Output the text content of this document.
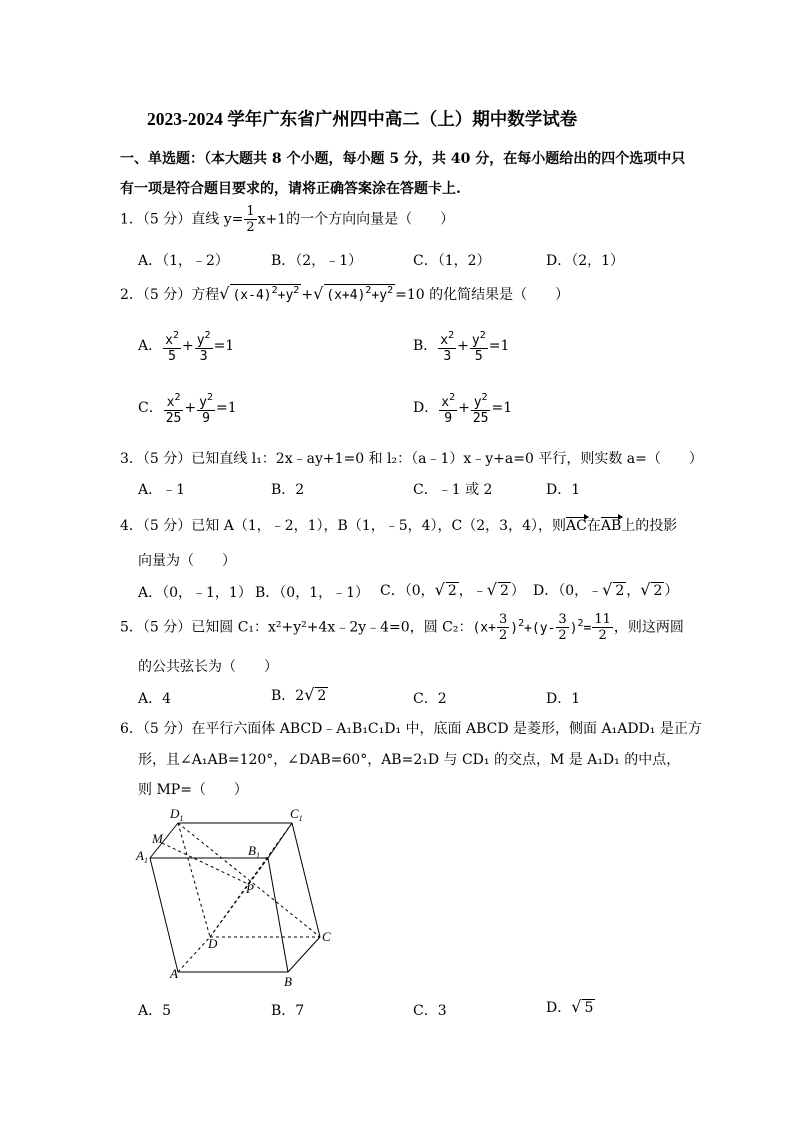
2023-2024 学年广东省广州四中高二（上）期中数学试卷
一、单选题：（本大题共 8 个小题，每小题 5 分，共 40 分，在每小题给出的四个选项中只
有一项是符合题目要求的，请将正确答案涂在答题卡上.
1．（5 分）直线 $y= \frac{1}{2} x+1$的一个方向向量是（　　）
A．（1，﹣2）	B．（2，﹣1）	C．（1，2）	D．（2，1）
2．（5 分）方程√ $(x-4)^2+y^2$ +√ $(x+4)^2+y^2 =10$ 的化简结果是（　　）
A． $\frac{x^2}{5} + \frac{y^2}{3} =1$	B． $\frac{x^2}{3} + \frac{y^2}{5} =1$
C． $\frac{x^2}{25} + \frac{y^2}{9} =1$	D． $\frac{x^2}{9} + \frac{y^2}{25} =1$
3．（5 分）已知直线 l₁：2x﹣ay+1=0 和 l₂：（a﹣1）x﹣y+a=0 平行，则实数 a=（　　）
A．﹣1	B．2	C．﹣1 或 2	D．1
4．（5 分）已知 A（1，﹣2，1），B（1，﹣5，4），C（2，3，4），则AC在AB上的投影
向量为（　　）
A．（0，﹣1，1） B．（0，1，﹣1） C．（0，√ 2 ，﹣√ 2 ） D．（0，﹣√ 2 ，√ 2 ）
5．（5 分）已知圆 C₁：x²+y²+4x﹣2y﹣4=0，圆 C₂：$(x+ \frac{3}{2} )^2+(y- \frac{3}{2} )^2= \frac{11}{2}$ ，则这两圆
的公共弦长为（　　）
A．4	B．2√ 2	C．2	D．1
6．（5 分）在平行六面体 ABCD﹣A₁B₁C₁D₁ 中，底面 ABCD 是菱形，侧面 A₁ADD₁ 是正方
形，且∠A₁AB=120°，∠DAB=60°，AB=2₁D 与 CD₁ 的交点，M 是 A₁D₁ 的中点，
则 MP=（　　）
$D_1$	$C_1$
M
$A_1$
$B_1$
P
D	C
A
B
A．5	B．7	C．3	D．√ 5
